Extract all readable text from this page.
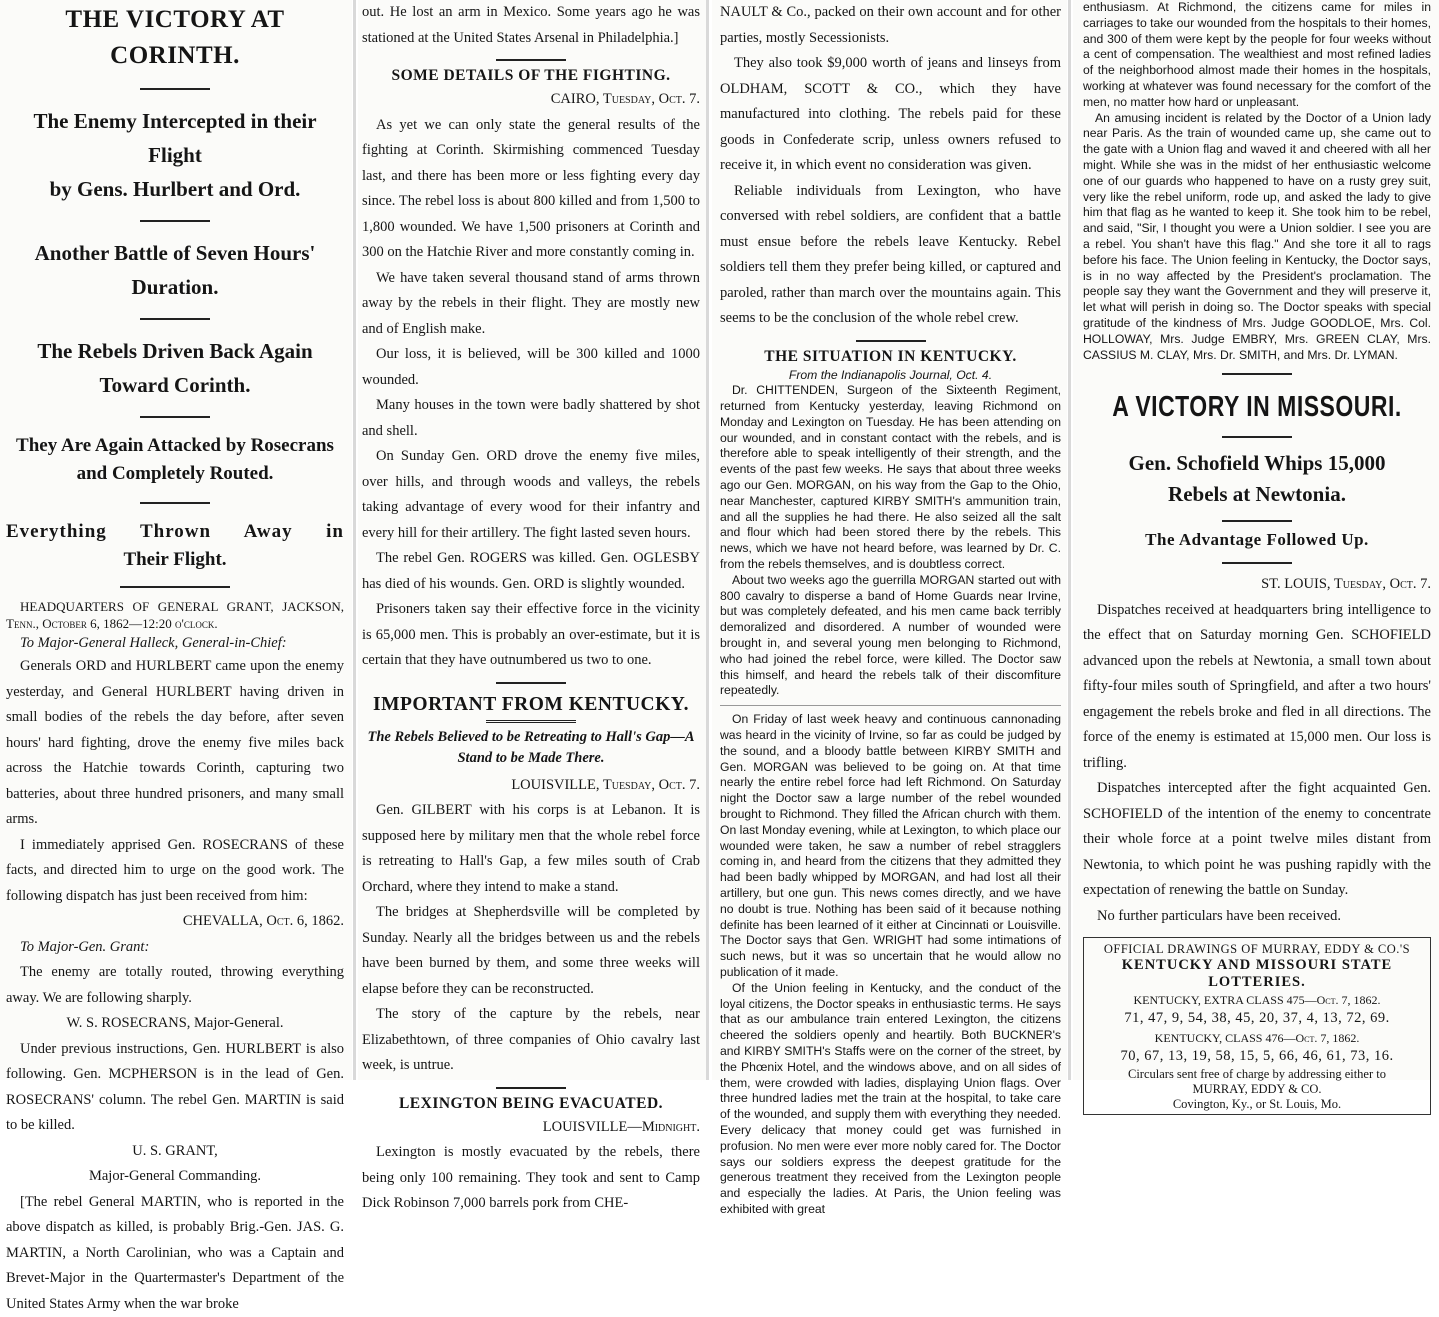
THE VICTORY AT CORINTH.

The Enemy Intercepted in their Flight
by Gens. Hurlbert and Ord.

Another Battle of Seven Hours'
Duration.

The Rebels Driven Back Again
Toward Corinth.

They Are Again Attacked by Rosecrans
and Completely Routed.

Everything Thrown Away in

Their Flight.

HEADQUARTERS OF GENERAL GRANT, JACKSON, Tenn., October 6, 1862—12:20 o'clock.

To Major-General Halleck, General-in-Chief:

Generals ORD and HURLBERT came upon the enemy yesterday, and General HURLBERT having driven in small bodies of the rebels the day before, after seven hours' hard fighting, drove the enemy five miles back across the Hatchie towards Corinth, capturing two batteries, about three hundred prisoners, and many small arms.

I immediately apprised Gen. ROSECRANS of these facts, and directed him to urge on the good work. The following dispatch has just been received from him:

CHEVALLA, Oct. 6, 1862.

To Major-Gen. Grant:

The enemy are totally routed, throwing everything away. We are following sharply.

W. S. ROSECRANS, Major-General.

Under previous instructions, Gen. HURLBERT is also following. Gen. MCPHERSON is in the lead of Gen. ROSECRANS' column. The rebel Gen. MARTIN is said to be killed.

U. S. GRANT,

Major-General Commanding.

[The rebel General MARTIN, who is reported in the above dispatch as killed, is probably Brig.-Gen. JAS. G. MARTIN, a North Carolinian, who was a Captain and Brevet-Major in the Quartermaster's Department of the United States Army when the war broke

out. He lost an arm in Mexico. Some years ago he was stationed at the United States Arsenal in Philadelphia.]

SOME DETAILS OF THE FIGHTING.

CAIRO, Tuesday, Oct. 7.

As yet we can only state the general results of the fighting at Corinth. Skirmishing commenced Tuesday last, and there has been more or less fighting every day since. The rebel loss is about 800 killed and from 1,500 to 1,800 wounded. We have 1,500 prisoners at Corinth and 300 on the Hatchie River and more constantly coming in.

We have taken several thousand stand of arms thrown away by the rebels in their flight. They are mostly new and of English make.

Our loss, it is believed, will be 300 killed and 1000 wounded.

Many houses in the town were badly shattered by shot and shell.

On Sunday Gen. ORD drove the enemy five miles, over hills, and through woods and valleys, the rebels taking advantage of every wood for their infantry and every hill for their artillery. The fight lasted seven hours.

The rebel Gen. ROGERS was killed. Gen. OGLESBY has died of his wounds. Gen. ORD is slightly wounded.

Prisoners taken say their effective force in the vicinity is 65,000 men. This is probably an over-estimate, but it is certain that they have outnumbered us two to one.

IMPORTANT FROM KENTUCKY.

The Rebels Believed to be Retreating to Hall's Gap—A Stand to be Made There.

LOUISVILLE, Tuesday, Oct. 7.

Gen. GILBERT with his corps is at Lebanon. It is supposed here by military men that the whole rebel force is retreating to Hall's Gap, a few miles south of Crab Orchard, where they intend to make a stand.

The bridges at Shepherdsville will be completed by Sunday. Nearly all the bridges between us and the rebels have been burned by them, and some three weeks will elapse before they can be reconstructed.

The story of the capture by the rebels, near Elizabethtown, of three companies of Ohio cavalry last week, is untrue.

LEXINGTON BEING EVACUATED.

LOUISVILLE—Midnight.

Lexington is mostly evacuated by the rebels, there being only 100 remaining. They took and sent to Camp Dick Robinson 7,000 barrels pork from CHE-

NAULT & Co., packed on their own account and for other parties, mostly Secessionists.

They also took $9,000 worth of jeans and linseys from OLDHAM, SCOTT & CO., which they have manufactured into clothing. The rebels paid for these goods in Confederate scrip, unless owners refused to receive it, in which event no consideration was given.

Reliable individuals from Lexington, who have conversed with rebel soldiers, are confident that a battle must ensue before the rebels leave Kentucky. Rebel soldiers tell them they prefer being killed, or captured and paroled, rather than march over the mountains again. This seems to be the conclusion of the whole rebel crew.

THE SITUATION IN KENTUCKY.

From the Indianapolis Journal, Oct. 4.

Dr. CHITTENDEN, Surgeon of the Sixteenth Regiment, returned from Kentucky yesterday, leaving Richmond on Monday and Lexington on Tuesday. He has been attending on our wounded, and in constant contact with the rebels, and is therefore able to speak intelligently of their strength, and the events of the past few weeks. He says that about three weeks ago our Gen. MORGAN, on his way from the Gap to the Ohio, near Manchester, captured KIRBY SMITH's ammunition train, and all the supplies he had there. He also seized all the salt and flour which had been stored there by the rebels. This news, which we have not heard before, was learned by Dr. C. from the rebels themselves, and is doubtless correct.

About two weeks ago the guerrilla MORGAN started out with 800 cavalry to disperse a band of Home Guards near Irvine, but was completely defeated, and his men came back terribly demoralized and disordered. A number of wounded were brought in, and several young men belonging to Richmond, who had joined the rebel force, were killed. The Doctor saw this himself, and heard the rebels talk of their discomfiture repeatedly.

On Friday of last week heavy and continuous cannonading was heard in the vicinity of Irvine, so far as could be judged by the sound, and a bloody battle between KIRBY SMITH and Gen. MORGAN was believed to be going on. At that time nearly the entire rebel force had left Richmond. On Saturday night the Doctor saw a large number of the rebel wounded brought to Richmond. They filled the African church with them. On last Monday evening, while at Lexington, to which place our wounded were taken, he saw a number of rebel stragglers coming in, and heard from the citizens that they admitted they had been badly whipped by MORGAN, and had lost all their artillery, but one gun. This news comes directly, and we have no doubt is true. Nothing has been said of it because nothing definite has been learned of it either at Cincinnati or Louisville. The Doctor says that Gen. WRIGHT had some intimations of such news, but it was so uncertain that he would allow no publication of it made.

Of the Union feeling in Kentucky, and the conduct of the loyal citizens, the Doctor speaks in enthusiastic terms. He says that as our ambulance train entered Lexington, the citizens cheered the soldiers openly and heartily. Both BUCKNER's and KIRBY SMITH's Staffs were on the corner of the street, by the Phœnix Hotel, and the windows above, and on all sides of them, were crowded with ladies, displaying Union flags. Over three hundred ladies met the train at the hospital, to take care of the wounded, and supply them with everything they needed. Every delicacy that money could get was furnished in profusion. No men were ever more nobly cared for. The Doctor says our soldiers express the deepest gratitude for the generous treatment they received from the Lexington people and especially the ladies. At Paris, the Union feeling was exhibited with great

enthusiasm. At Richmond, the citizens came for miles in carriages to take our wounded from the hospitals to their homes, and 300 of them were kept by the people for four weeks without a cent of compensation. The wealthiest and most refined ladies of the neighborhood almost made their homes in the hospitals, working at whatever was found necessary for the comfort of the men, no matter how hard or unpleasant.

An amusing incident is related by the Doctor of a Union lady near Paris. As the train of wounded came up, she came out to the gate with a Union flag and waved it and cheered with all her might. While she was in the midst of her enthusiastic welcome one of our guards who happened to have on a rusty grey suit, very like the rebel uniform, rode up, and asked the lady to give him that flag as he wanted to keep it. She took him to be rebel, and said, "Sir, I thought you were a Union soldier. I see you are a rebel. You shan't have this flag." And she tore it all to rags before his face. The Union feeling in Kentucky, the Doctor says, is in no way affected by the President's proclamation. The people say they want the Government and they will preserve it, let what will perish in doing so. The Doctor speaks with special gratitude of the kindness of Mrs. Judge GOODLOE, Mrs. Col. HOLLOWAY, Mrs. Judge EMBRY, Mrs. GREEN CLAY, Mrs. CASSIUS M. CLAY, Mrs. Dr. SMITH, and Mrs. Dr. LYMAN.

A VICTORY IN MISSOURI.

Gen. Schofield Whips 15,000
Rebels at Newtonia.

The Advantage Followed Up.

ST. LOUIS, Tuesday, Oct. 7.

Dispatches received at headquarters bring intelligence to the effect that on Saturday morning Gen. SCHOFIELD advanced upon the rebels at Newtonia, a small town about fifty-four miles south of Springfield, and after a two hours' engagement the rebels broke and fled in all directions. The force of the enemy is estimated at 15,000 men. Our loss is trifling.

Dispatches intercepted after the fight acquainted Gen. SCHOFIELD of the intention of the enemy to concentrate their whole force at a point twelve miles distant from Newtonia, to which point he was pushing rapidly with the expectation of renewing the battle on Sunday.

No further particulars have been received.

OFFICIAL DRAWINGS OF MURRAY, EDDY & CO.'S

KENTUCKY AND MISSOURI STATE

LOTTERIES.

KENTUCKY, EXTRA CLASS 475—Oct. 7, 1862.

71, 47, 9, 54, 38, 45, 20, 37, 4, 13, 72, 69.

KENTUCKY, CLASS 476—Oct. 7, 1862.

70, 67, 13, 19, 58, 15, 5, 66, 46, 61, 73, 16.

Circulars sent free of charge by addressing either to

MURRAY, EDDY & CO.

Covington, Ky., or St. Louis, Mo.
